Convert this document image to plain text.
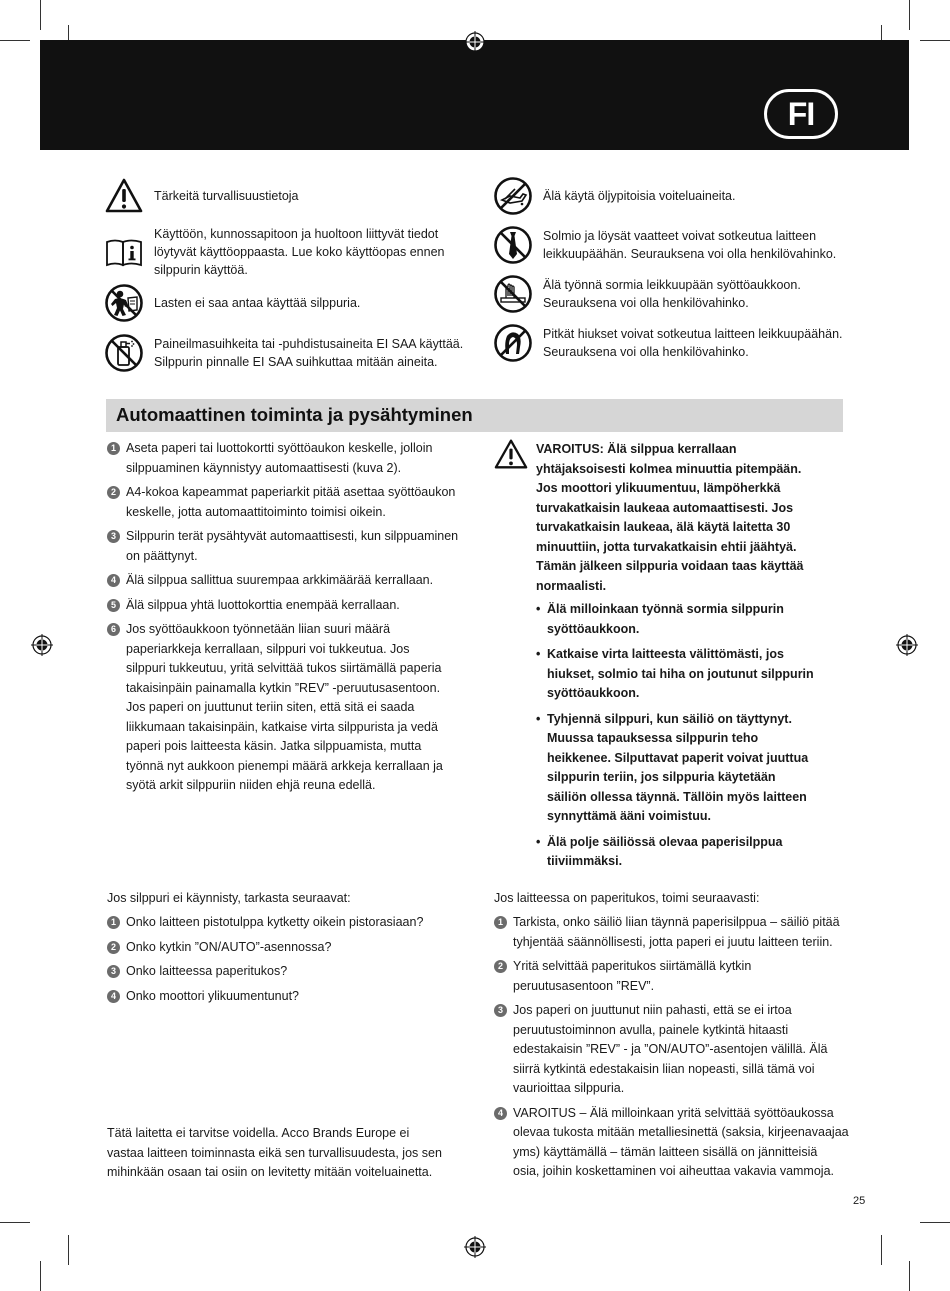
FI
Tärkeitä turvallisuustietoja
Käyttöön, kunnossapitoon ja huoltoon liittyvät tiedot
löytyvät käyttöoppaasta. Lue koko käyttöopas ennen
silppurin käyttöä.
Lasten ei saa antaa käyttää silppuria.
Paineilmasuihkeita tai -puhdistusaineita EI SAA käyttää.
Silppurin pinnalle EI SAA suihkuttaa mitään aineita.
Älä käytä öljypitoisia voiteluaineita.
Solmio ja löysät vaatteet voivat sotkeutua laitteen
leikkuupäähän. Seurauksena voi olla henkilövahinko.
Älä työnnä sormia leikkuupään syöttöaukkoon.
Seurauksena voi olla henkilövahinko.
Pitkät hiukset voivat sotkeutua laitteen leikkuupäähän.
Seurauksena voi olla henkilövahinko.
Automaattinen toiminta ja pysähtyminen
1 Aseta paperi tai luottokortti syöttöaukon keskelle, jolloin
silppuaminen käynnistyy automaattisesti (kuva 2).
2 A4-kokoa kapeammat paperiarkit pitää asettaa syöttöaukon
keskelle, jotta automaattitoiminto toimisi oikein.
3 Silppurin terät pysähtyvät automaattisesti, kun silppuaminen
on päättynyt.
4 Älä silppua sallittua suurempaa arkkimäärää kerrallaan.
5 Älä silppua yhtä luottokorttia enempää kerrallaan.
6 Jos syöttöaukkoon työnnetään liian suuri määrä
paperiarkkeja kerrallaan, silppuri voi tukkeutua. Jos
silppuri tukkeutuu, yritä selvittää tukos siirtämällä paperia
takaisinpäin painamalla kytkin ”REV” -peruutusasentoon.
Jos paperi on juuttunut teriin siten, että sitä ei saada
liikkumaan takaisinpäin, katkaise virta silppurista ja vedä
paperi pois laitteesta käsin. Jatka silppuamista, mutta
työnnä nyt aukkoon pienempi määrä arkkeja kerrallaan ja
syötä arkit silppuriin niiden ehjä reuna edellä.
VAROITUS: Älä silppua kerrallaan
yhtäjaksoisesti kolmea minuuttia pitempään.
Jos moottori ylikuumentuu, lämpöherkkä
turvakatkaisin laukeaa automaattisesti. Jos
turvakatkaisin laukeaa, älä käytä laitetta 30
minuuttiin, jotta turvakatkaisin ehtii jäähtyä.
Tämän jälkeen silppuria voidaan taas käyttää
normaalisti.
• Älä milloinkaan työnnä sormia silppurin
syöttöaukkoon.
• Katkaise virta laitteesta välittömästi, jos
hiukset, solmio tai hiha on joutunut silppurin
syöttöaukkoon.
• Tyhjennä silppuri, kun säiliö on täyttynyt.
Muussa tapauksessa silppurin teho
heikkenee. Silputtavat paperit voivat juuttua
silppurin teriin, jos silppuria käytetään
säiliön ollessa täynnä. Tällöin myös laitteen
synnyttämä ääni voimistuu.
• Älä polje säiliössä olevaa paperisilppua
tiiviimmäksi.
Jos silppuri ei käynnisty, tarkasta seuraavat:
1 Onko laitteen pistotulppa kytketty oikein pistorasiaan?
2 Onko kytkin ”ON/AUTO”-asennossa?
3 Onko laitteessa paperitukos?
4 Onko moottori ylikuumentunut?
Jos laitteessa on paperitukos, toimi seuraavasti:
1 Tarkista, onko säiliö liian täynnä paperisilppua – säiliö pitää
tyhjentää säännöllisesti, jotta paperi ei juutu laitteen teriin.
2 Yritä selvittää paperitukos siirtämällä kytkin
peruutusasentoon ”REV”.
3 Jos paperi on juuttunut niin pahasti, että se ei irtoa
peruutustoiminnon avulla, painele kytkintä hitaasti
edestakaisin ”REV” - ja ”ON/AUTO”-asentojen välillä. Älä
siirrä kytkintä edestakaisin liian nopeasti, sillä tämä voi
vaurioittaa silppuria.
4 VAROITUS – Älä milloinkaan yritä selvittää syöttöaukossa
olevaa tukosta mitään metalliesinettä (saksia, kirjeenavaajaa
yms) käyttämällä – tämän laitteen sisällä on jännitteisiä
osia, joihin koskettaminen voi aiheuttaa vakavia vammoja.
Tätä laitetta ei tarvitse voidella. Acco Brands Europe ei
vastaa laitteen toiminnasta eikä sen turvallisuudesta, jos sen
mihinkään osaan tai osiin on levitetty mitään voiteluainetta.
25
